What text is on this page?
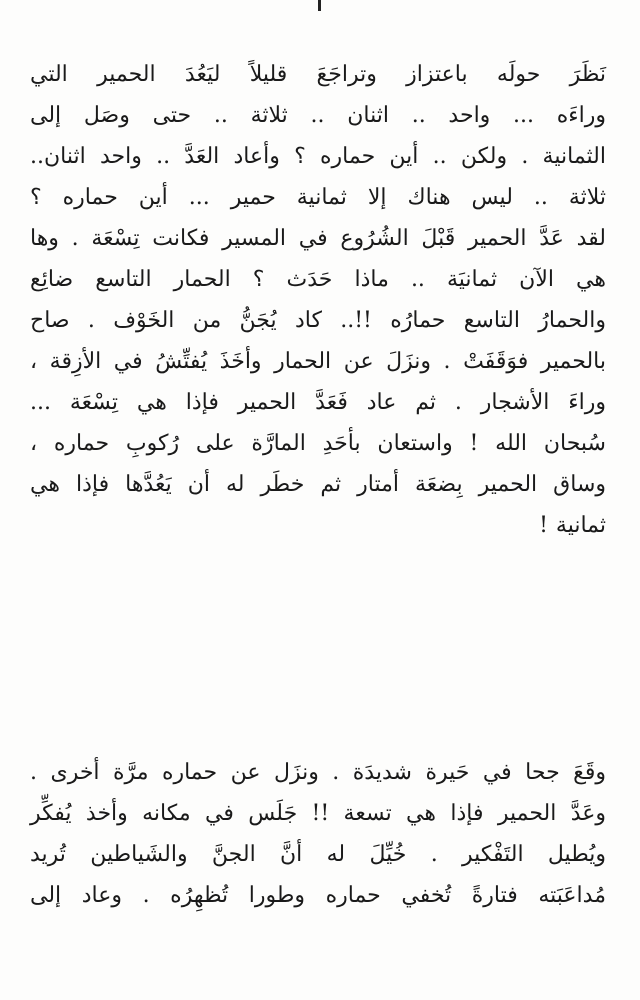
نَظَرَ حولَه باعتزاز وتراجَعَ قليلاً ليَعُدَ الحمير التي
وراءَه ... واحد .. اثنان .. ثلاثة .. حتى وصَل إلى
الثمانية . ولكن .. أين حماره ؟ وأعاد العَدَّ .. واحد اثنان..
ثلاثة .. ليس هناك إلا ثمانية حمير ... أين حماره ؟
لقد عَدَّ الحمير قَبْلَ الشُرُوع في المسير فكانت تِسْعَة . وها
هي الآن ثمانيَة .. ماذا حَدَث ؟ الحمار التاسع ضائِع
والحمارُ التاسع حمارُه !!.. كاد يُجَنُّ من الخَوْف . صاح
بالحمير فوَقَفَتْ . ونزَلَ عن الحمار وأخَذَ يُفتِّشُ في الأزِقة ،
وراءَ الأشجار . ثم عاد فَعَدَّ الحمير فإذا هي تِسْعَة ...
سُبحان الله ! واستعان بأحَدِ المارَّة على رُكوبِ حماره ،
وساق الحمير بِضعَة أمتار ثم خطَر له أن يَعُدَّها فإذا هي
ثمانية !
وقَعَ جحا في حَيرة شديدَة . ونزَل عن حماره مرَّة أخرى .
وعَدَّ الحمير فإذا هي تسعة !! جَلَس في مكانه وأخذ يُفكِّر
ويُطيل التَفْكير . خُيِّلَ له أنَّ الجنَّ والشَياطين تُريد
مُداعَبَته فتارةً تُخفي حماره وطورا تُظهِرُه . وعاد إلى
